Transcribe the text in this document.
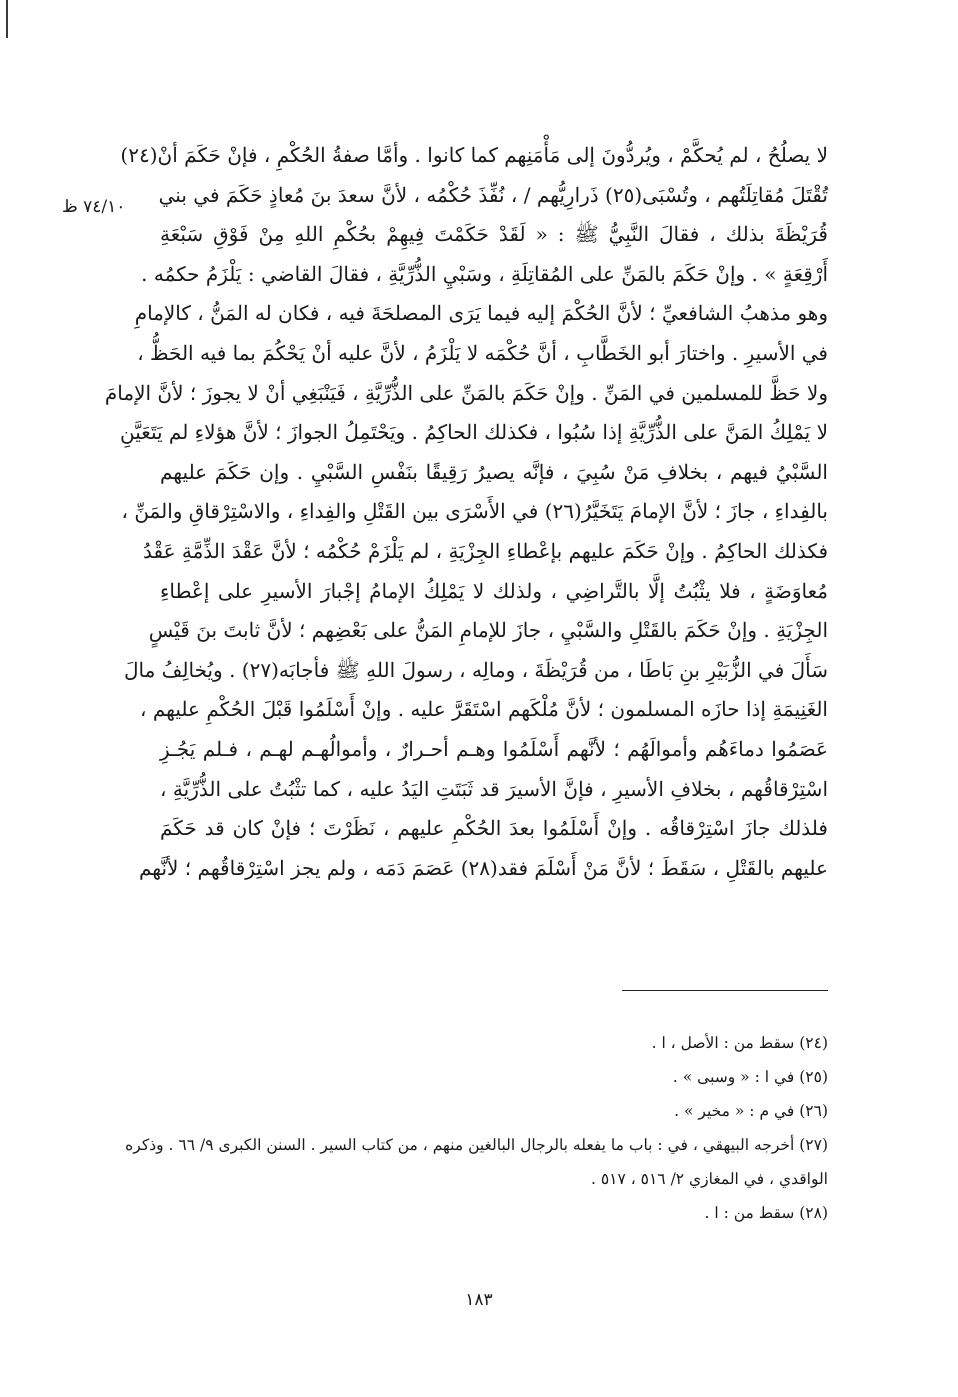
٧٤/١٠ ظ
لا يصلُحُ ، لم يُحكَّمْ ، ويُردُّونَ إلى مَأْمَنِهم كما كانوا . وأمَّا صفةُ الحُكْمِ ، فإنْ حَكَمَ أنْ(٢٤)
تُقْتَلَ مُقاتِلَتُهم ، وتُسْبَى(٢٥) ذَرارِيُّهم / ، نُفِّذَ حُكْمُه ، لأنَّ سعدَ بنَ مُعاذٍ حَكَمَ في بني
قُرَيْظَةَ بذلك ، فقالَ النَّبِيُّ ﷺ : « لَقَدْ حَكَمْتَ فِيهِمْ بحُكْمِ اللهِ مِنْ فَوْقِ سَبْعَةِ
أَرْقِعَةٍ » . وإنْ حَكَمَ بالمَنِّ على المُقاتِلَةِ ، وسَبْيِ الذُّرِّيَّةِ ، فقالَ القاضي : يَلْزَمُ حكمُه .
وهو مذهبُ الشافعيِّ ؛ لأنَّ الحُكْمَ إليه فيما يَرَى المصلحَةَ فيه ، فكان له المَنُّ ، كالإمامِ
في الأسيرِ . واختارَ أبو الخَطَّابِ ، أنَّ حُكْمَه لا يَلْزَمُ ، لأنَّ عليه أنْ يَحْكُمَ بما فيه الحَظُّ ،
ولا حَظَّ للمسلمين في المَنِّ . وإنْ حَكَمَ بالمَنِّ على الذُّرِّيَّةِ ، فَيَنْبَغِي أنْ لا يجوزَ ؛ لأنَّ الإمامَ
لا يَمْلِكُ المَنَّ على الذُّرِّيَّةِ إذا سُبُوا ، فكذلك الحاكِمُ . ويَحْتَمِلُ الجوازَ ؛ لأنَّ هؤلاءِ لم يَتَعَيَّنِ
السَّبْيُ فيهم ، بخلافِ مَنْ سُبِيَ ، فإنَّه يصيرُ رَقِيقًا بنَفْسِ السَّبْيِ . وإن حَكَمَ عليهم
بالفِداءِ ، جازَ ؛ لأنَّ الإمامَ يَتَخَيَّرُ(٢٦) في الأَسْرَى بين القَتْلِ والفِداءِ ، والاسْتِرْقاقِ والمَنِّ ،
فكذلك الحاكِمُ . وإنْ حَكَمَ عليهم بإعْطاءِ الجِزْيَةِ ، لم يَلْزَمْ حُكْمُه ؛ لأنَّ عَقْدَ الذِّمَّةِ عَقْدُ
مُعاوَضَةٍ ، فلا يثْبُتُ إلَّا بالتَّراضِي ، ولذلك لا يَمْلِكُ الإمامُ إجْبارَ الأسيرِ على إعْطاءِ
الجِزْيَةِ . وإنْ حَكَمَ بالقَتْلِ والسَّبْيِ ، جازَ للإمامِ المَنُّ على بَعْضِهم ؛ لأنَّ ثابتَ بنَ قَيْسٍ
سَأَلَ في الزُّبَيْرِ بنِ بَاطَا ، من قُرَيْظَةَ ، ومالِه ، رسولَ اللهِ ﷺ فأجابَه(٢٧) . ويُخالِفُ مالَ
الغَنِيمَةِ إذا حازَه المسلمون ؛ لأنَّ مُلْكَهم اسْتَقَرَّ عليه . وإنْ أَسْلَمُوا قَبْلَ الحُكْمِ عليهم ،
عَصَمُوا دماءَهُم وأموالَهُم ؛ لأنَّهم أَسْلَمُوا وهـم أحـرارٌ ، وأموالُهـم لهـم ، فـلم يَجُـزِ
اسْتِرْقاقُهم ، بخلافِ الأسيرِ ، فإنَّ الأسيرَ قد ثَبَتَتِ اليَدُ عليه ، كما تثْبُتُ على الذُّرِّيَّةِ ،
فلذلك جازَ اسْتِرْقاقُه . وإنْ أَسْلَمُوا بعدَ الحُكْمِ عليهم ، نَظَرْتَ ؛ فإنْ كان قد حَكَمَ
عليهم بالقَتْلِ ، سَقَطَ ؛ لأنَّ مَنْ أَسْلَمَ فقد(٢٨) عَصَمَ دَمَه ، ولم يجز اسْتِرْقاقُهم ؛ لأنَّهم
(٢٤) سقط من : الأصل ، ا .
(٢٥) في ا : « وسبى » .
(٢٦) في م : « مخير » .
(٢٧) أخرجه البيهقي ، في : باب ما يفعله بالرجال البالغين منهم ، من كتاب السير . السنن الكبرى ٩/ ٦٦ . وذكره
الواقدي ، في المغازي ٢/ ٥١٦ ، ٥١٧ .
(٢٨) سقط من : ا .
١٨٣
